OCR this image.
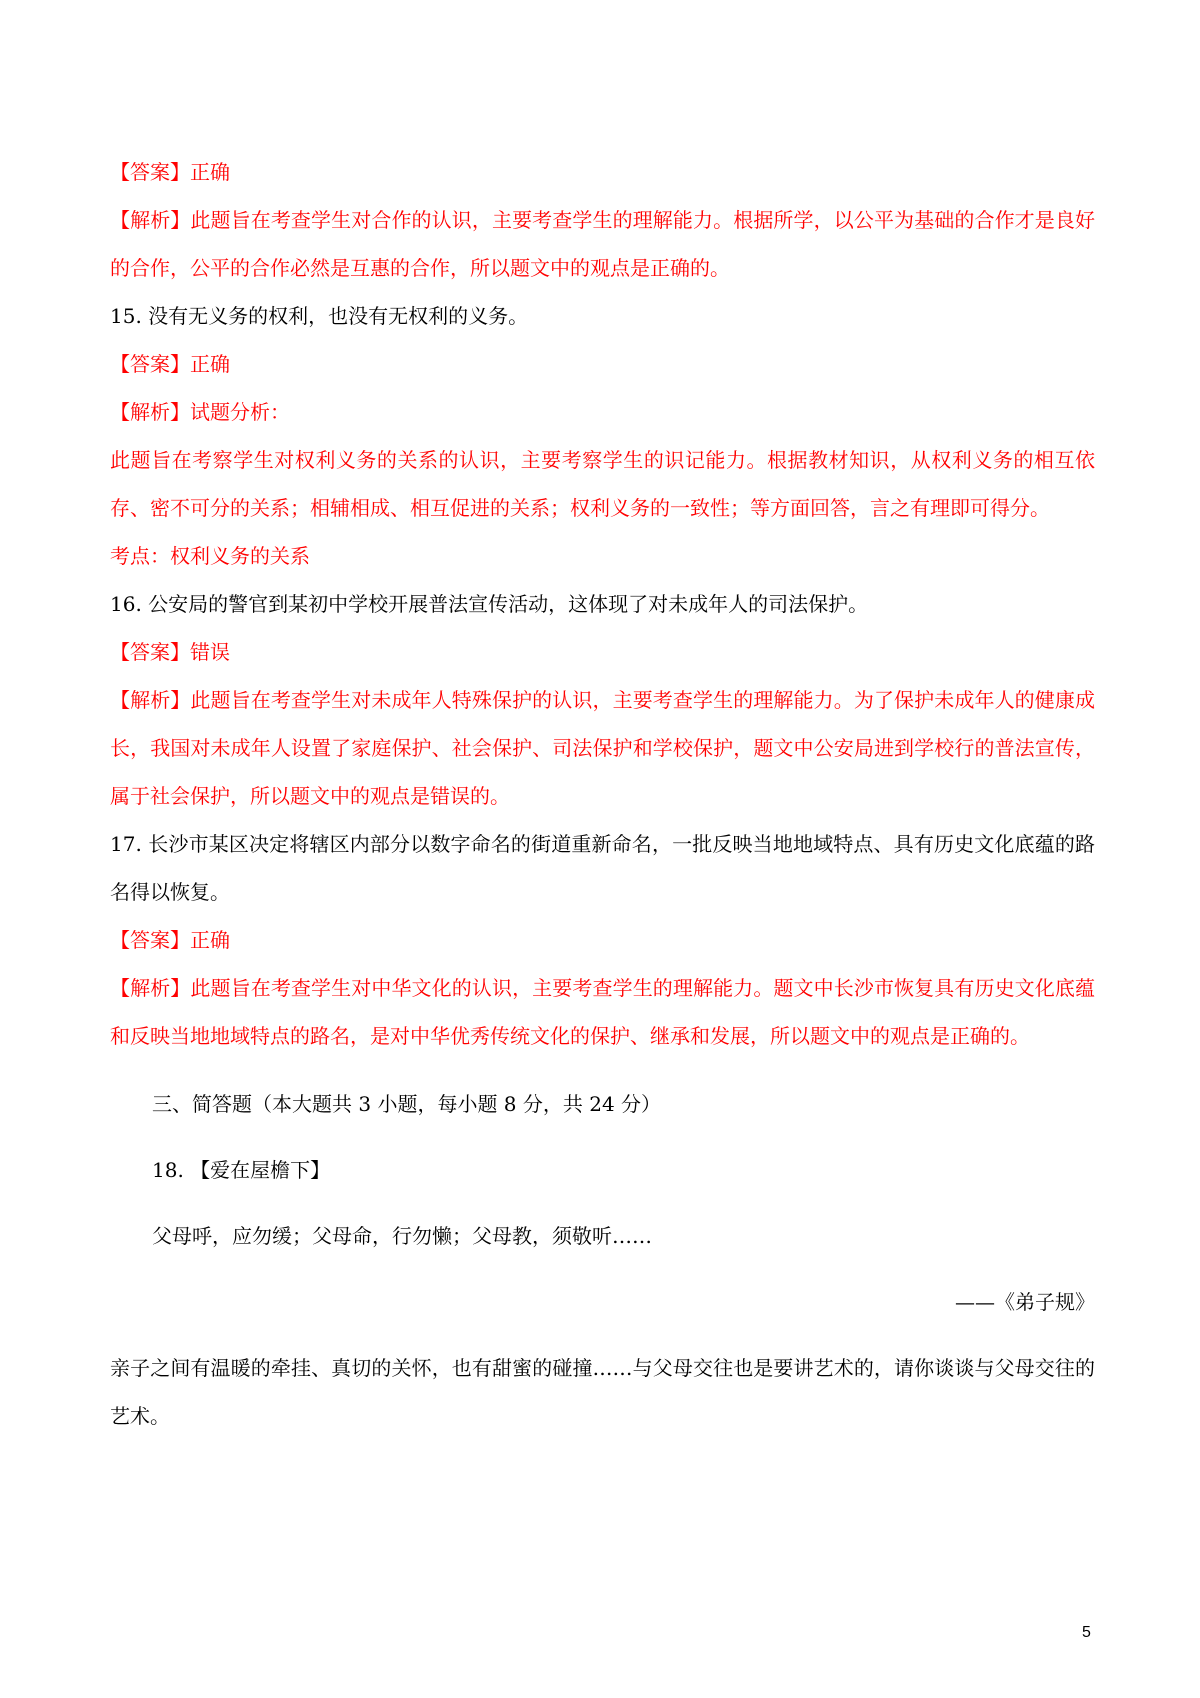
【答案】正确

【解析】此题旨在考查学生对合作的认识，主要考查学生的理解能力。根据所学，以公平为基础的合作才是良好的合作，公平的合作必然是互惠的合作，所以题文中的观点是正确的。

15. 没有无义务的权利，也没有无权利的义务。

【答案】正确

【解析】试题分析：

此题旨在考察学生对权利义务的关系的认识，主要考察学生的识记能力。根据教材知识，从权利义务的相互依存、密不可分的关系；相辅相成、相互促进的关系；权利义务的一致性；等方面回答，言之有理即可得分。

考点：权利义务的关系

16. 公安局的警官到某初中学校开展普法宣传活动，这体现了对未成年人的司法保护。

【答案】错误

【解析】此题旨在考查学生对未成年人特殊保护的认识，主要考查学生的理解能力。为了保护未成年人的健康成长，我国对未成年人设置了家庭保护、社会保护、司法保护和学校保护，题文中公安局进到学校行的普法宣传，属于社会保护，所以题文中的观点是错误的。

17. 长沙市某区决定将辖区内部分以数字命名的街道重新命名，一批反映当地地域特点、具有历史文化底蕴的路名得以恢复。

【答案】正确

【解析】此题旨在考查学生对中华文化的认识，主要考查学生的理解能力。题文中长沙市恢复具有历史文化底蕴和反映当地地域特点的路名，是对中华优秀传统文化的保护、继承和发展，所以题文中的观点是正确的。

三、简答题（本大题共 3 小题，每小题 8 分，共 24 分）

18. 【爱在屋檐下】

父母呼，应勿缓；父母命，行勿懒；父母教，须敬听……

——《弟子规》

亲子之间有温暖的牵挂、真切的关怀，也有甜蜜的碰撞……与父母交往也是要讲艺术的，请你谈谈与父母交往的艺术。

5
